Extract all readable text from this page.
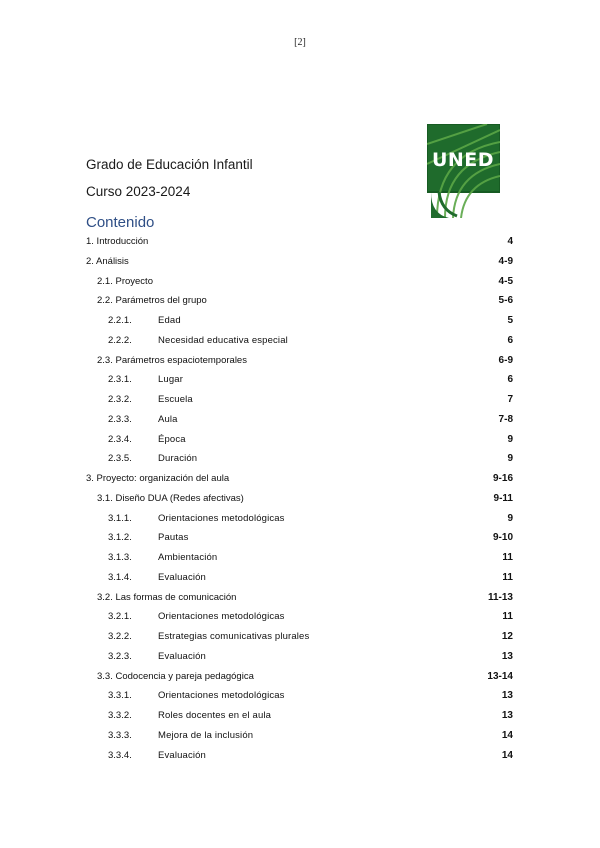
[2]
UNED
Grado de Educación Infantil
Curso 2023-2024
Contenido
1. Introducción	4
2. Análisis	4-9
2.1. Proyecto	4-5
2.2. Parámetros del grupo	5-6
2.2.1.	Edad	5
2.2.2.	Necesidad educativa especial	6
2.3. Parámetros espaciotemporales	6-9
2.3.1.	Lugar	6
2.3.2.	Escuela	7
2.3.3.	Aula	7-8
2.3.4.	Época	9
2.3.5.	Duración	9
3. Proyecto: organización del aula	9-16
3.1. Diseño DUA (Redes afectivas)	9-11
3.1.1.	Orientaciones metodológicas	9
3.1.2.	Pautas	9-10
3.1.3.	Ambientación	11
3.1.4.	Evaluación	11
3.2. Las formas de comunicación	11-13
3.2.1.	Orientaciones metodológicas	11
3.2.2.	Estrategias comunicativas plurales	12
3.2.3.	Evaluación	13
3.3. Codocencia y pareja pedagógica	13-14
3.3.1.	Orientaciones metodológicas	13
3.3.2.	Roles docentes en el aula	13
3.3.3.	Mejora de la inclusión	14
3.3.4.	Evaluación	14
